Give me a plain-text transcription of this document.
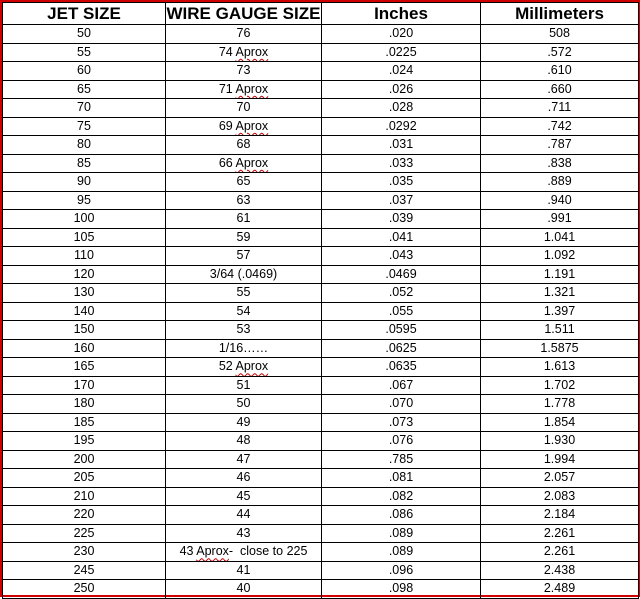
JET SIZE	WIRE GAUGE SIZE	Inches	Millimeters
50	76	.020	508
55	74 Aprox	.0225	.572
60	73	.024	.610
65	71 Aprox	.026	.660
70	70	.028	.711
75	69 Aprox	.0292	.742
80	68	.031	.787
85	66 Aprox	.033	.838
90	65	.035	.889
95	63	.037	.940
100	61	.039	.991
105	59	.041	1.041
110	57	.043	1.092
120	3/64 (.0469)	.0469	1.191
130	55	.052	1.321
140	54	.055	1.397
150	53	.0595	1.511
160	1/16……	.0625	1.5875
165	52 Aprox	.0635	1.613
170	51	.067	1.702
180	50	.070	1.778
185	49	.073	1.854
195	48	.076	1.930
200	47	.785	1.994
205	46	.081	2.057
210	45	.082	2.083
220	44	.086	2.184
225	43	.089	2.261
230	43 Aprox-  close to 225	.089	2.261
245	41	.096	2.438
250	40	.098	2.489
